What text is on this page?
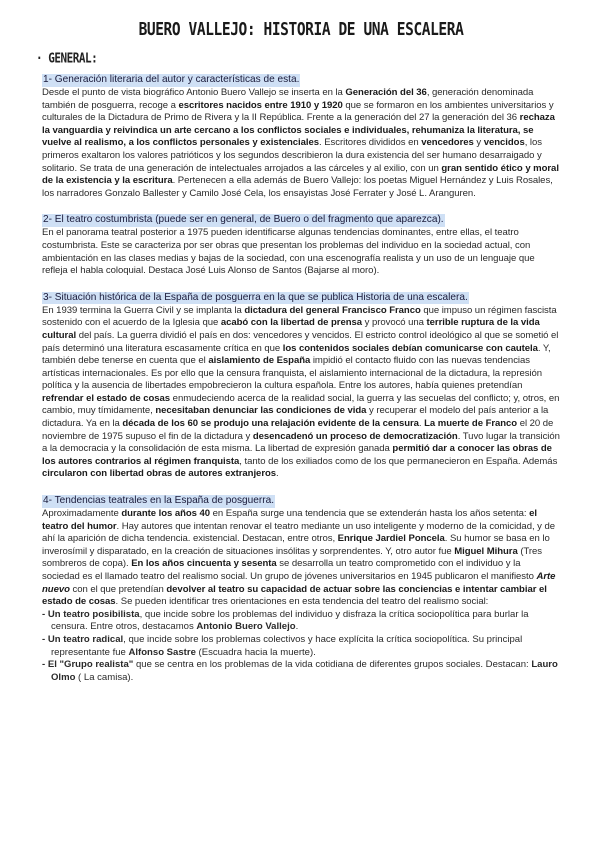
BUERO VALLEJO: HISTORIA DE UNA ESCALERA
· GENERAL:
1- Generación literaria del autor y características de esta.

Desde el punto de vista biográfico Antonio Buero Vallejo se inserta en la Generación del 36, generación denominada también de posguerra, recoge a escritores nacidos entre 1910 y 1920 que se formaron en los ambientes universitarios y culturales de la Dictadura de Primo de Rivera y la II República. Frente a la generación del 27 la generación del 36 rechaza la vanguardia y reivindica un arte cercano a los conflictos sociales e individuales, rehumaniza la literatura, se vuelve al realismo, a los conflictos personales y existenciales. Escritores divididos en vencedores y vencidos, los primeros exaltaron los valores patrióticos y los segundos describieron la dura existencia del ser humano desarraigado y solitario. Se trata de una generación de intelectuales arrojados a las cárceles y al exilio, con un gran sentido ético y moral de la existencia y la escritura. Pertenecen a ella además de Buero Vallejo: los poetas Miguel Hernández y Luis Rosales, los narradores Gonzalo Ballester y Camilo José Cela, los ensayistas José Ferrater y José L. Aranguren.

2- El teatro costumbrista (puede ser en general, de Buero o del fragmento que aparezca).

En el panorama teatral posterior a 1975 pueden identificarse algunas tendencias dominantes, entre ellas, el teatro costumbrista. Este se caracteriza por ser obras que presentan los problemas del individuo en la sociedad actual, con ambientación en las clases medias y bajas de la sociedad, con una escenografía realista y un uso de un lenguaje que refleja el habla coloquial. Destaca José Luis Alonso de Santos (Bajarse al moro).

3- Situación histórica de la España de posguerra en la que se publica Historia de una escalera.

En 1939 termina la Guerra Civil y se implanta la dictadura del general Francisco Franco que impuso un régimen fascista sostenido con el acuerdo de la Iglesia que acabó con la libertad de prensa y provocó una terrible ruptura de la vida cultural del país. La guerra dividió el país en dos: vencedores y vencidos. El estricto control ideológico al que se sometió el país determinó una literatura escasamente crítica en que los contenidos sociales debían comunicarse con cautela. Y, también debe tenerse en cuenta que el aislamiento de España impidió el contacto fluido con las nuevas tendencias artísticas internacionales. Es por ello que la censura franquista, el aislamiento internacional de la dictadura, la represión política y la ausencia de libertades empobrecieron la cultura española. Entre los autores, había quienes pretendían refrendar el estado de cosas enmudeciendo acerca de la realidad social, la guerra y las secuelas del conflicto; y, otros, en cambio, muy tímidamente, necesitaban denunciar las condiciones de vida y recuperar el modelo del país anterior a la dictadura. Ya en la década de los 60 se produjo una relajación evidente de la censura. La muerte de Franco el 20 de noviembre de 1975 supuso el fin de la dictadura y desencadenó un proceso de democratización. Tuvo lugar la transición a la democracia y la consolidación de esta misma. La libertad de expresión ganada permitió dar a conocer las obras de los autores contrarios al régimen franquista, tanto de los exiliados como de los que permanecieron en España. Además circularon con libertad obras de autores extranjeros.

4- Tendencias teatrales en la España de posguerra.

Aproximadamente durante los años 40 en España surge una tendencia que se extenderán hasta los años setenta: el teatro del humor. Hay autores que intentan renovar el teatro mediante un uso inteligente y moderno de la comicidad, y de ahí la aparición de dicha tendencia. existencial. Destacan, entre otros, Enrique Jardiel Poncela. Su humor se basa en lo inverosímil y disparatado, en la creación de situaciones insólitas y sorprendentes. Y, otro autor fue Miguel Mihura (Tres sombreros de copa). En los años cincuenta y sesenta se desarrolla un teatro comprometido con el individuo y la sociedad es el llamado teatro del realismo social. Un grupo de jóvenes universitarios en 1945 publicaron el manifiesto Arte nuevo con el que pretendían devolver al teatro su capacidad de actuar sobre las conciencias e intentar cambiar el estado de cosas. Se pueden identificar tres orientaciones en esta tendencia del teatro del realismo social:

- Un teatro posibilista, que incide sobre los problemas del individuo y disfraza la crítica sociopolítica para burlar la censura. Entre otros, destacamos Antonio Buero Vallejo.
- Un teatro radical, que incide sobre los problemas colectivos y hace explícita la crítica sociopolítica. Su principal representante fue Alfonso Sastre (Escuadra hacia la muerte).
- El "Grupo realista" que se centra en los problemas de la vida cotidiana de diferentes grupos sociales. Destacan: Lauro Olmo ( La camisa).
